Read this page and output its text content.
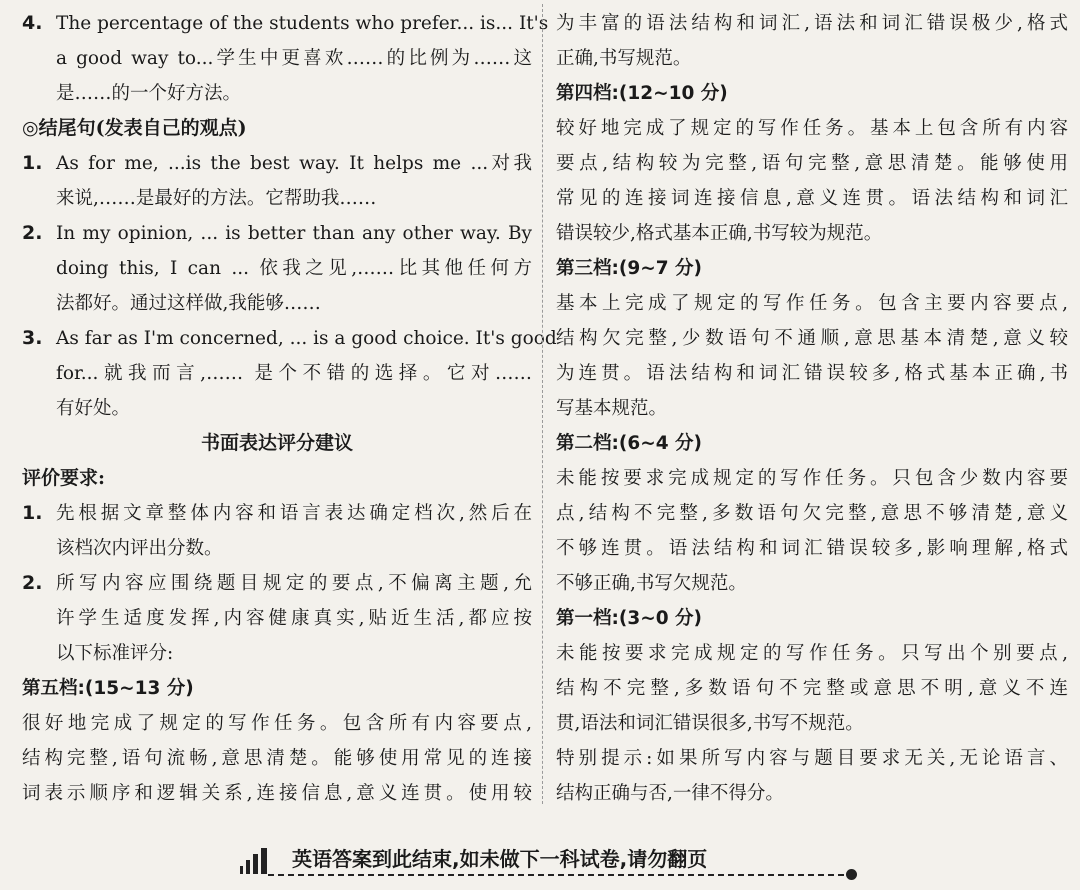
4. The percentage of the students who prefer... is... It's
a good way to...学生中更喜欢……的比例为……这
是……的一个好方法。
◎结尾句(发表自己的观点)
1. As for me, ...is the best way. It helps me ...对我
来说,……是最好的方法。它帮助我……
2. In my opinion, ... is better than any other way. By
doing this, I can ... 依我之见,……比其他任何方
法都好。通过这样做,我能够……
3. As far as I'm concerned, ... is a good choice. It's good
for...就我而言,…… 是个不错的选择。它对……
有好处。
书面表达评分建议
评价要求:
1. 先根据文章整体内容和语言表达确定档次,然后在
该档次内评出分数。
2. 所写内容应围绕题目规定的要点,不偏离主题,允
许学生适度发挥,内容健康真实,贴近生活,都应按
以下标准评分:
第五档:(15~13 分)
很好地完成了规定的写作任务。包含所有内容要点,
结构完整,语句流畅,意思清楚。能够使用常见的连接
词表示顺序和逻辑关系,连接信息,意义连贯。使用较
为丰富的语法结构和词汇,语法和词汇错误极少,格式
正确,书写规范。
第四档:(12~10 分)
较好地完成了规定的写作任务。基本上包含所有内容
要点,结构较为完整,语句完整,意思清楚。能够使用
常见的连接词连接信息,意义连贯。语法结构和词汇
错误较少,格式基本正确,书写较为规范。
第三档:(9~7 分)
基本上完成了规定的写作任务。包含主要内容要点,
结构欠完整,少数语句不通顺,意思基本清楚,意义较
为连贯。语法结构和词汇错误较多,格式基本正确,书
写基本规范。
第二档:(6~4 分)
未能按要求完成规定的写作任务。只包含少数内容要
点,结构不完整,多数语句欠完整,意思不够清楚,意义
不够连贯。语法结构和词汇错误较多,影响理解,格式
不够正确,书写欠规范。
第一档:(3~0 分)
未能按要求完成规定的写作任务。只写出个别要点,
结构不完整,多数语句不完整或意思不明,意义不连
贯,语法和词汇错误很多,书写不规范。
特别提示:如果所写内容与题目要求无关,无论语言、
结构正确与否,一律不得分。
英语答案到此结束,如未做下一科试卷,请勿翻页
